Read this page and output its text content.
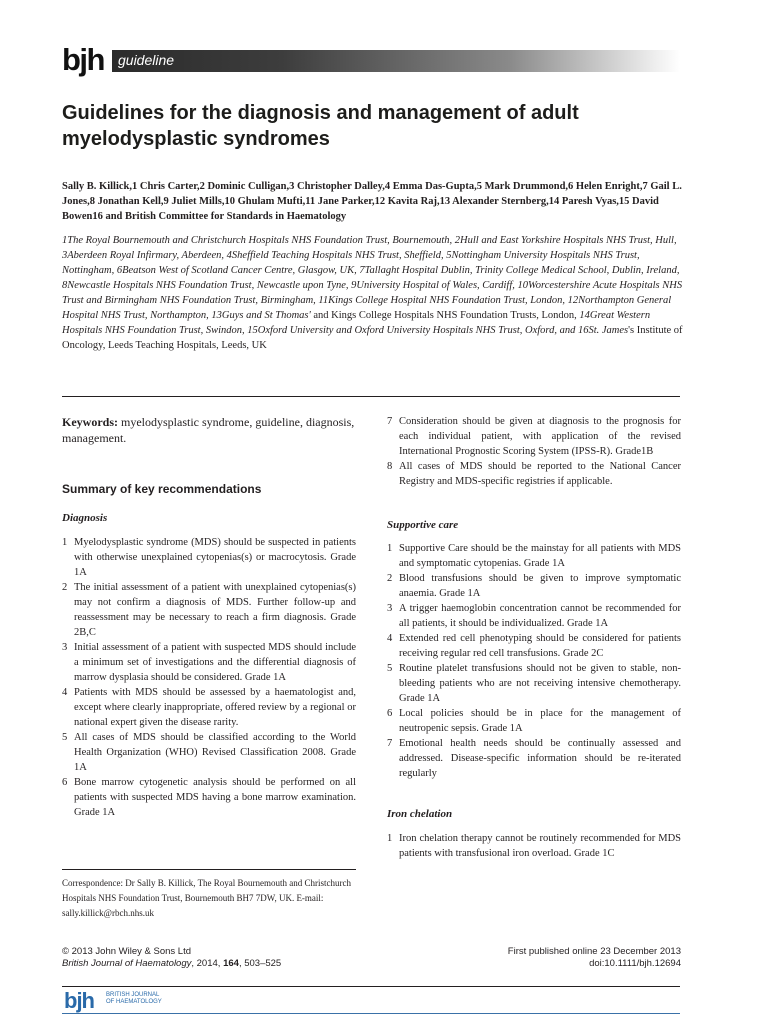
bjh guideline
Guidelines for the diagnosis and management of adult myelodysplastic syndromes

Sally B. Killick,1 Chris Carter,2 Dominic Culligan,3 Christopher Dalley,4 Emma Das-Gupta,5 Mark Drummond,6 Helen Enright,7 Gail L. Jones,8 Jonathan Kell,9 Juliet Mills,10 Ghulam Mufti,11 Jane Parker,12 Kavita Raj,13 Alexander Sternberg,14 Paresh Vyas,15 David Bowen16 and British Committee for Standards in Haematology

1The Royal Bournemouth and Christchurch Hospitals NHS Foundation Trust, Bournemouth, 2Hull and East Yorkshire Hospitals NHS Trust, Hull, 3Aberdeen Royal Infirmary, Aberdeen, 4Sheffield Teaching Hospitals NHS Trust, Sheffield, 5Nottingham University Hospitals NHS Trust, Nottingham, 6Beatson West of Scotland Cancer Centre, Glasgow, UK, 7Tallaght Hospital Dublin, Trinity College Medical School, Dublin, Ireland, 8Newcastle Hospitals NHS Foundation Trust, Newcastle upon Tyne, 9University Hospital of Wales, Cardiff, 10Worcestershire Acute Hospitals NHS Trust and Birmingham NHS Foundation Trust, Birmingham, 11Kings College Hospital NHS Foundation Trust, London, 12Northampton General Hospital NHS Trust, Northampton, 13Guys and St Thomas' and Kings College Hospitals NHS Foundation Trusts, London, 14Great Western Hospitals NHS Foundation Trust, Swindon, 15Oxford University and Oxford University Hospitals NHS Trust, Oxford, and 16St. James's Institute of Oncology, Leeds Teaching Hospitals, Leeds, UK

Keywords: myelodysplastic syndrome, guideline, diagnosis, management.

Summary of key recommendations
Diagnosis
1 Myelodysplastic syndrome (MDS) should be suspected in patients with otherwise unexplained cytopenias(s) or macrocytosis. Grade 1A
2 The initial assessment of a patient with unexplained cytopenias(s) may not confirm a diagnosis of MDS. Further follow-up and reassessment may be necessary to reach a firm diagnosis. Grade 2B,C
3 Initial assessment of a patient with suspected MDS should include a minimum set of investigations and the differential diagnosis of marrow dysplasia should be considered. Grade 1A
4 Patients with MDS should be assessed by a haematologist and, except where clearly inappropriate, offered review by a regional or national expert given the disease rarity.
5 All cases of MDS should be classified according to the World Health Organization (WHO) Revised Classification 2008. Grade 1A
6 Bone marrow cytogenetic analysis should be performed on all patients with suspected MDS having a bone marrow examination. Grade 1A
7 Consideration should be given at diagnosis to the prognosis for each individual patient, with application of the revised International Prognostic Scoring System (IPSS-R). Grade1B
8 All cases of MDS should be reported to the National Cancer Registry and MDS-specific registries if applicable.
Supportive care
1 Supportive Care should be the mainstay for all patients with MDS and symptomatic cytopenias. Grade 1A
2 Blood transfusions should be given to improve symptomatic anaemia. Grade 1A
3 A trigger haemoglobin concentration cannot be recommended for all patients, it should be individualized. Grade 1A
4 Extended red cell phenotyping should be considered for patients receiving regular red cell transfusions. Grade 2C
5 Routine platelet transfusions should not be given to stable, non-bleeding patients who are not receiving intensive chemotherapy. Grade 1A
6 Local policies should be in place for the management of neutropenic sepsis. Grade 1A
7 Emotional health needs should be continually assessed and addressed. Disease-specific information should be re-iterated regularly
Iron chelation
1 Iron chelation therapy cannot be routinely recommended for MDS patients with transfusional iron overload. Grade 1C
Correspondence: Dr Sally B. Killick, The Royal Bournemouth and Christchurch Hospitals NHS Foundation Trust, Bournemouth BH7 7DW, UK. E-mail: sally.killick@rbch.nhs.uk
© 2013 John Wiley & Sons Ltd
British Journal of Haematology, 2014, 164, 503–525
First published online 23 December 2013
doi:10.1111/bjh.12694
bjh BRITISH JOURNAL
OF HAEMATOLOGY
